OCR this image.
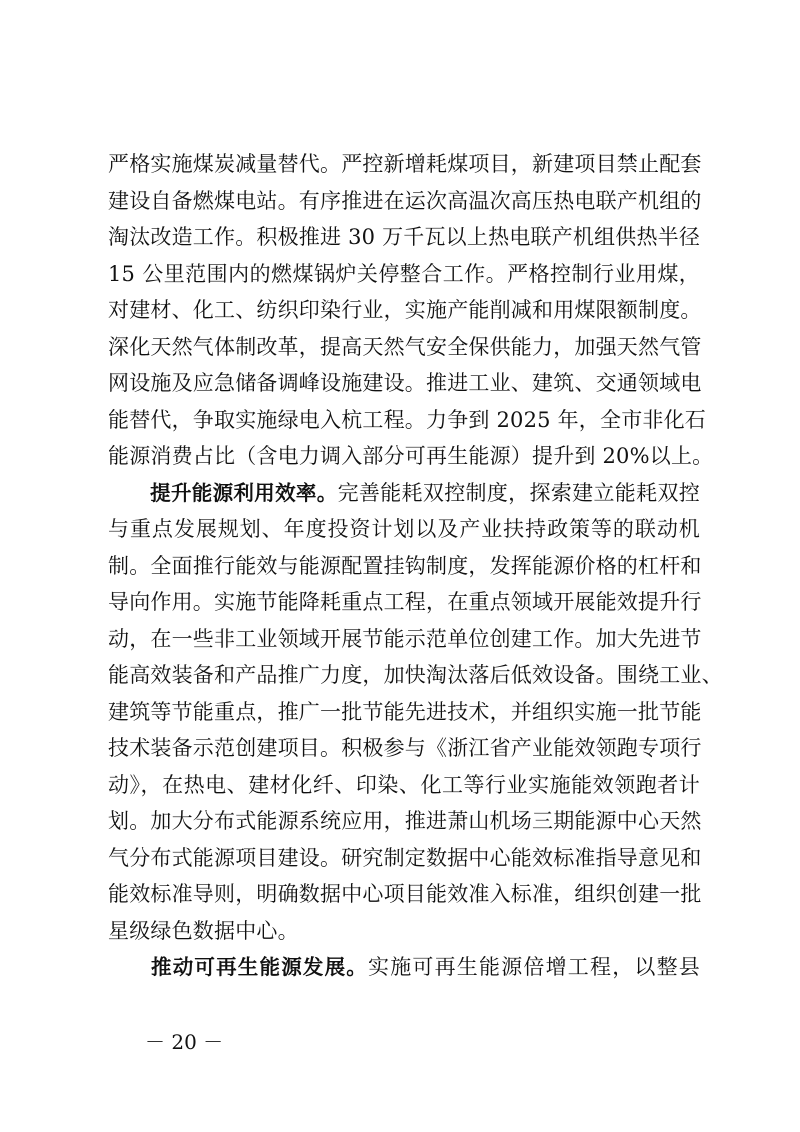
严格实施煤炭减量替代。严控新增耗煤项目，新建项目禁止配套
建设自备燃煤电站。有序推进在运次高温次高压热电联产机组的
淘汰改造工作。积极推进 30 万千瓦以上热电联产机组供热半径
15 公里范围内的燃煤锅炉关停整合工作。严格控制行业用煤，
对建材、化工、纺织印染行业，实施产能削减和用煤限额制度。
深化天然气体制改革，提高天然气安全保供能力，加强天然气管
网设施及应急储备调峰设施建设。推进工业、建筑、交通领域电
能替代，争取实施绿电入杭工程。力争到 2025 年，全市非化石
能源消费占比（含电力调入部分可再生能源）提升到 20%以上。
提升能源利用效率。完善能耗双控制度，探索建立能耗双控
与重点发展规划、年度投资计划以及产业扶持政策等的联动机
制。全面推行能效与能源配置挂钩制度，发挥能源价格的杠杆和
导向作用。实施节能降耗重点工程，在重点领域开展能效提升行
动，在一些非工业领域开展节能示范单位创建工作。加大先进节
能高效装备和产品推广力度，加快淘汰落后低效设备。围绕工业、
建筑等节能重点，推广一批节能先进技术，并组织实施一批节能
技术装备示范创建项目。积极参与《浙江省产业能效领跑专项行
动》，在热电、建材化纤、印染、化工等行业实施能效领跑者计
划。加大分布式能源系统应用，推进萧山机场三期能源中心天然
气分布式能源项目建设。研究制定数据中心能效标准指导意见和
能效标准导则，明确数据中心项目能效准入标准，组织创建一批
星级绿色数据中心。
推动可再生能源发展。实施可再生能源倍增工程，以整县
－ 20 －
